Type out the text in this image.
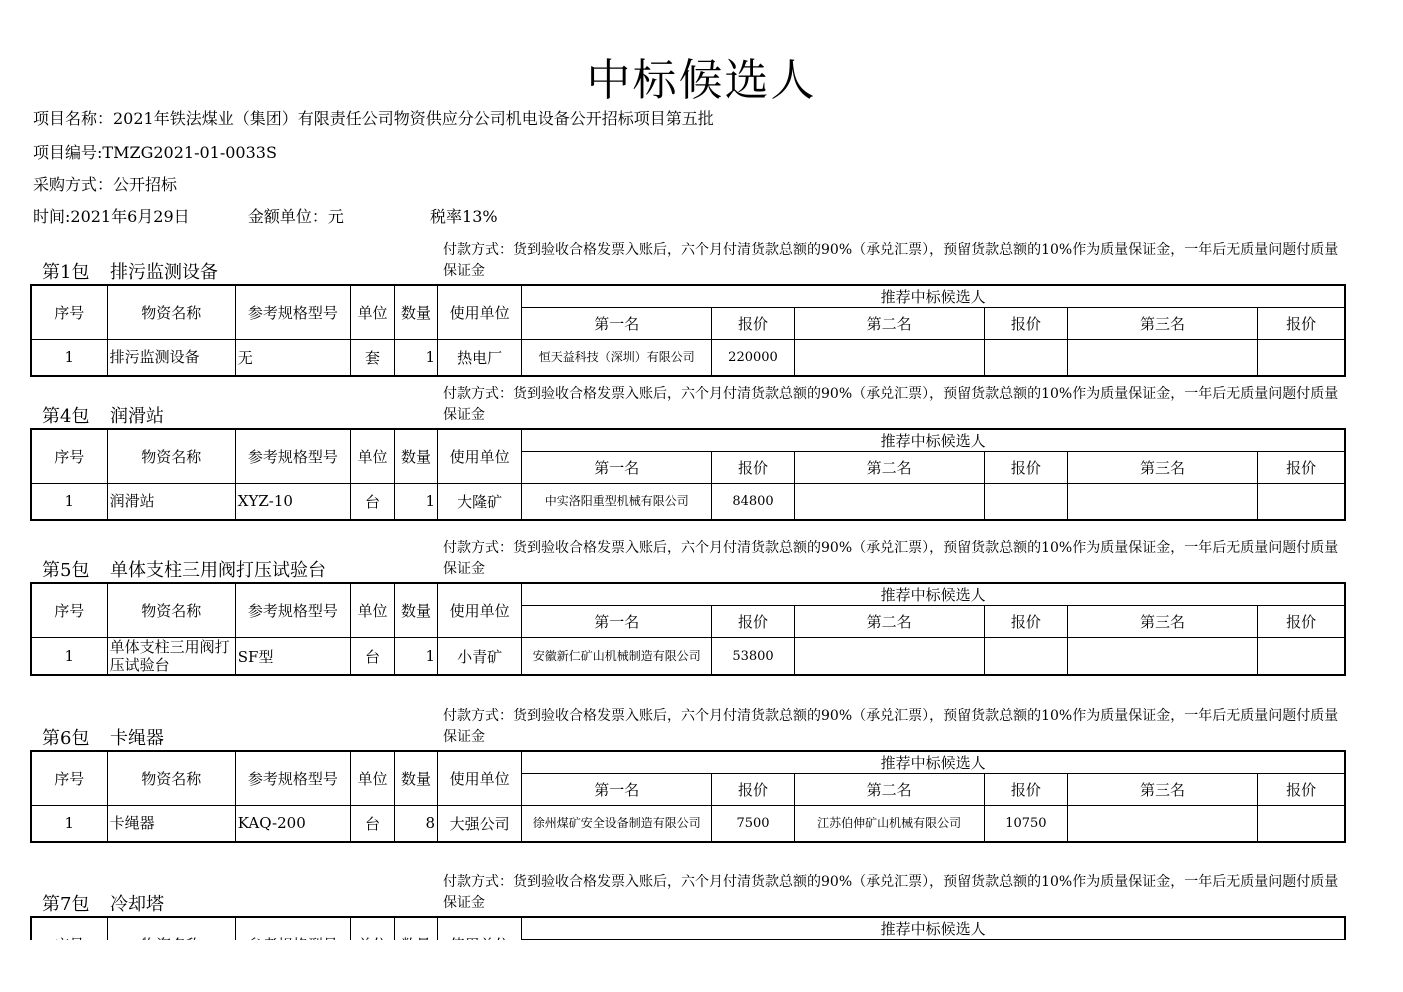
中标候选人
项目名称：2021年铁法煤业（集团）有限责任公司物资供应分公司机电设备公开招标项目第五批
项目编号:TMZG2021-01-0033S
采购方式：公开招标
时间:2021年6月29日	金额单位：元	税率13%
第1包 排污监测设备
付款方式：货到验收合格发票入账后，六个月付清货款总额的90%（承兑汇票），预留货款总额的10%作为质量保证金，一年后无质量问题付质量保证金
序号	物资名称	参考规格型号	单位	数量	使用单位	推荐中标候选人					
						第一名	报价	第二名	报价	第三名	报价
1	排污监测设备	无	套	1	热电厂	恒天益科技（深圳）有限公司	220000				
第4包 润滑站
付款方式：货到验收合格发票入账后，六个月付清货款总额的90%（承兑汇票），预留货款总额的10%作为质量保证金，一年后无质量问题付质量保证金
序号	物资名称	参考规格型号	单位	数量	使用单位	推荐中标候选人					
						第一名	报价	第二名	报价	第三名	报价
1	润滑站	XYZ-10	台	1	大隆矿	中实洛阳重型机械有限公司	84800				
第5包 单体支柱三用阀打压试验台
付款方式：货到验收合格发票入账后，六个月付清货款总额的90%（承兑汇票），预留货款总额的10%作为质量保证金，一年后无质量问题付质量保证金
序号	物资名称	参考规格型号	单位	数量	使用单位	推荐中标候选人					
						第一名	报价	第二名	报价	第三名	报价
1	单体支柱三用阀打压试验台	SF型	台	1	小青矿	安徽新仁矿山机械制造有限公司	53800				
第6包 卡绳器
付款方式：货到验收合格发票入账后，六个月付清货款总额的90%（承兑汇票），预留货款总额的10%作为质量保证金，一年后无质量问题付质量保证金
序号	物资名称	参考规格型号	单位	数量	使用单位	推荐中标候选人					
						第一名	报价	第二名	报价	第三名	报价
1	卡绳器	KAQ-200	台	8	大强公司	徐州煤矿安全设备制造有限公司	7500	江苏伯伸矿山机械有限公司	10750		
第7包 冷却塔
付款方式：货到验收合格发票入账后，六个月付清货款总额的90%（承兑汇票），预留货款总额的10%作为质量保证金，一年后无质量问题付质量保证金
						推荐中标候选人					
